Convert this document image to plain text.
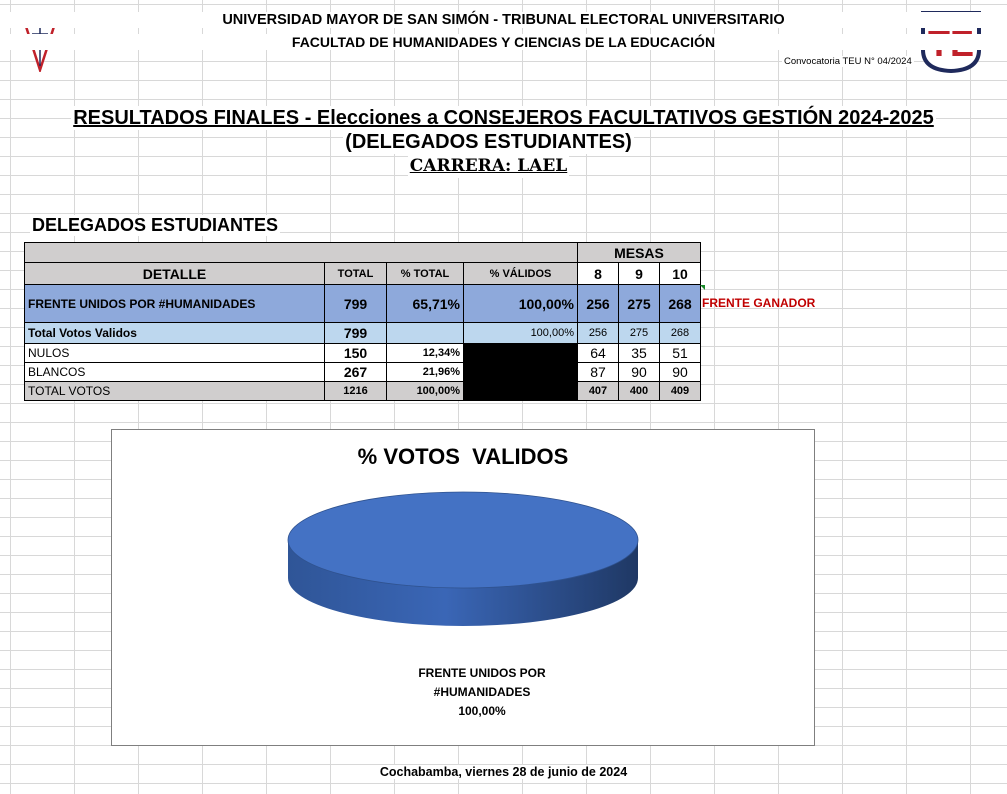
UNIVERSIDAD MAYOR DE SAN SIMÓN - TRIBUNAL ELECTORAL UNIVERSITARIO
FACULTAD DE HUMANIDADES Y CIENCIAS DE LA EDUCACIÓN
Convocatoria TEU N° 04/2024
RESULTADOS FINALES - Elecciones a CONSEJEROS FACULTATIVOS GESTIÓN 2024-2025
(DELEGADOS ESTUDIANTES)
CARRERA: LAEL
DELEGADOS ESTUDIANTES
				MESAS		
DETALLE	TOTAL	% TOTAL	% VÁLIDOS	8	9	10
FRENTE UNIDOS POR #HUMANIDADES	799	65,71%	100,00%	256	275	268
Total Votos Validos	799		100,00%	256	275	268
NULOS	150	12,34%		64	35	51
BLANCOS	267	21,96%		87	90	90
TOTAL VOTOS	1216	100,00%		407	400	409
FRENTE GANADOR
% VOTOS  VALIDOS
FRENTE UNIDOS POR
#HUMANIDADES
100,00%
Cochabamba, viernes 28 de junio de 2024
